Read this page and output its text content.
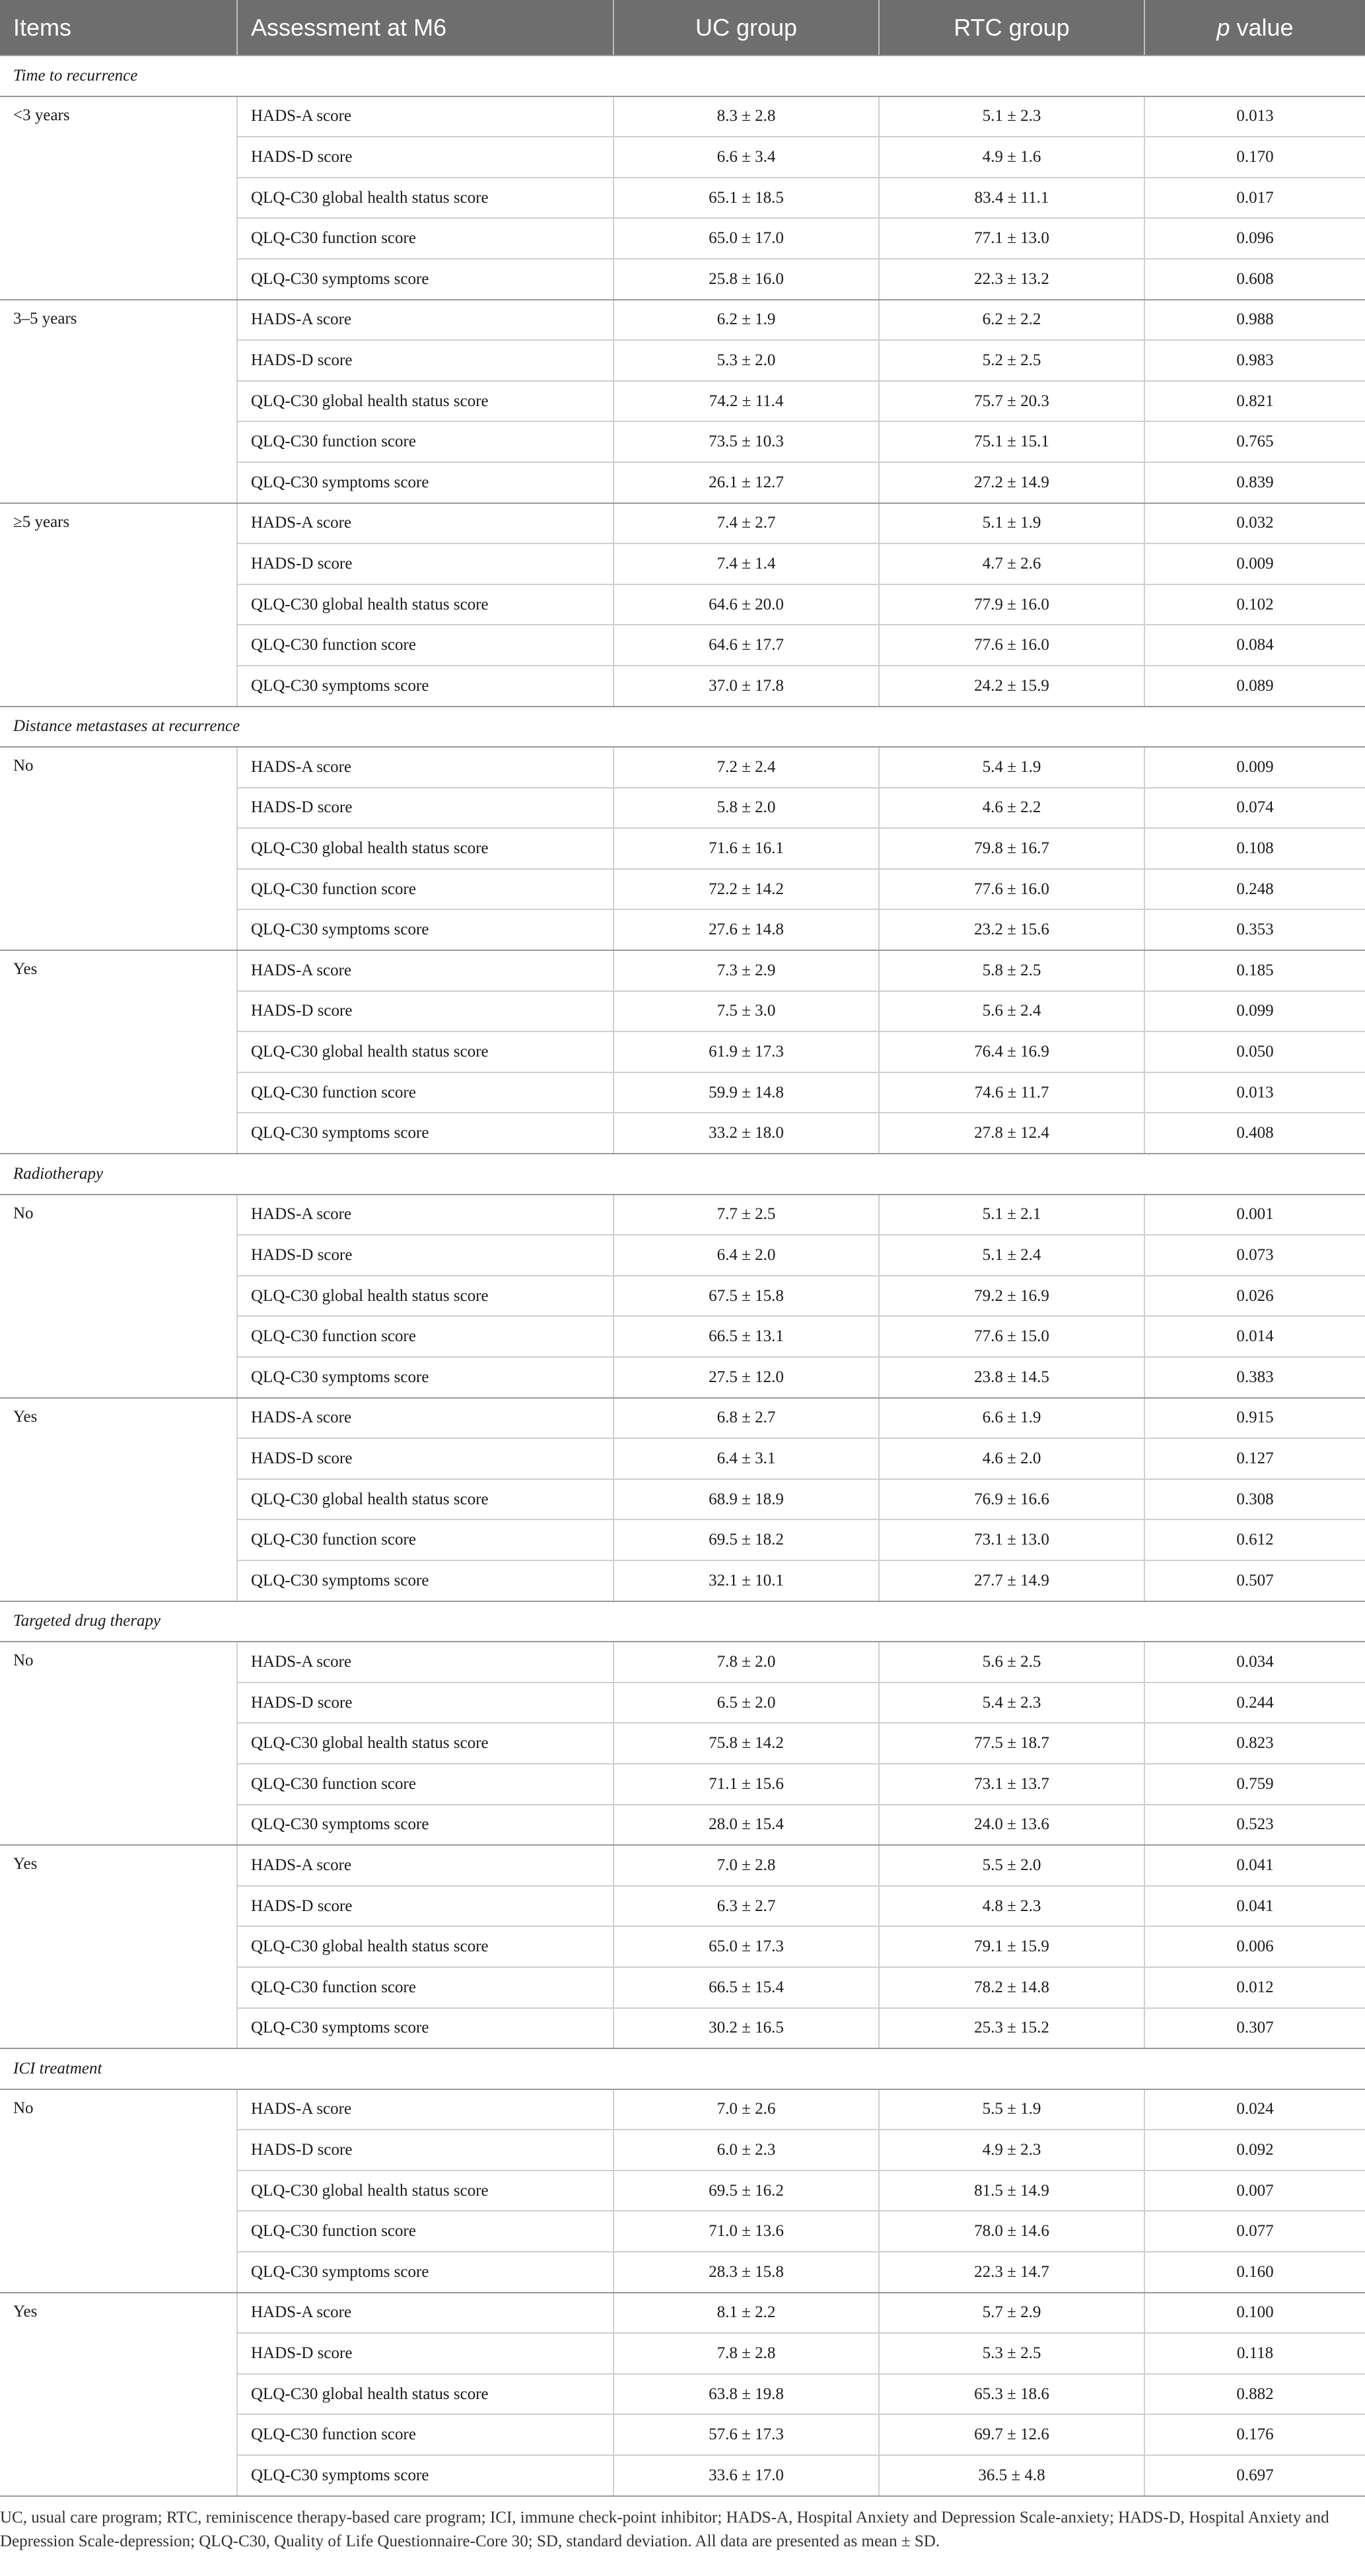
Items	Assessment at M6	UC group	RTC group	p value
Time to recurrence				
<3 years	HADS-A score	8.3 ± 2.8	5.1 ± 2.3	0.013
	HADS-D score	6.6 ± 3.4	4.9 ± 1.6	0.170
	QLQ-C30 global health status score	65.1 ± 18.5	83.4 ± 11.1	0.017
	QLQ-C30 function score	65.0 ± 17.0	77.1 ± 13.0	0.096
	QLQ-C30 symptoms score	25.8 ± 16.0	22.3 ± 13.2	0.608
3–5 years	HADS-A score	6.2 ± 1.9	6.2 ± 2.2	0.988
	HADS-D score	5.3 ± 2.0	5.2 ± 2.5	0.983
	QLQ-C30 global health status score	74.2 ± 11.4	75.7 ± 20.3	0.821
	QLQ-C30 function score	73.5 ± 10.3	75.1 ± 15.1	0.765
	QLQ-C30 symptoms score	26.1 ± 12.7	27.2 ± 14.9	0.839
≥5 years	HADS-A score	7.4 ± 2.7	5.1 ± 1.9	0.032
	HADS-D score	7.4 ± 1.4	4.7 ± 2.6	0.009
	QLQ-C30 global health status score	64.6 ± 20.0	77.9 ± 16.0	0.102
	QLQ-C30 function score	64.6 ± 17.7	77.6 ± 16.0	0.084
	QLQ-C30 symptoms score	37.0 ± 17.8	24.2 ± 15.9	0.089
Distance metastases at recurrence				
No	HADS-A score	7.2 ± 2.4	5.4 ± 1.9	0.009
	HADS-D score	5.8 ± 2.0	4.6 ± 2.2	0.074
	QLQ-C30 global health status score	71.6 ± 16.1	79.8 ± 16.7	0.108
	QLQ-C30 function score	72.2 ± 14.2	77.6 ± 16.0	0.248
	QLQ-C30 symptoms score	27.6 ± 14.8	23.2 ± 15.6	0.353
Yes	HADS-A score	7.3 ± 2.9	5.8 ± 2.5	0.185
	HADS-D score	7.5 ± 3.0	5.6 ± 2.4	0.099
	QLQ-C30 global health status score	61.9 ± 17.3	76.4 ± 16.9	0.050
	QLQ-C30 function score	59.9 ± 14.8	74.6 ± 11.7	0.013
	QLQ-C30 symptoms score	33.2 ± 18.0	27.8 ± 12.4	0.408
Radiotherapy				
No	HADS-A score	7.7 ± 2.5	5.1 ± 2.1	0.001
	HADS-D score	6.4 ± 2.0	5.1 ± 2.4	0.073
	QLQ-C30 global health status score	67.5 ± 15.8	79.2 ± 16.9	0.026
	QLQ-C30 function score	66.5 ± 13.1	77.6 ± 15.0	0.014
	QLQ-C30 symptoms score	27.5 ± 12.0	23.8 ± 14.5	0.383
Yes	HADS-A score	6.8 ± 2.7	6.6 ± 1.9	0.915
	HADS-D score	6.4 ± 3.1	4.6 ± 2.0	0.127
	QLQ-C30 global health status score	68.9 ± 18.9	76.9 ± 16.6	0.308
	QLQ-C30 function score	69.5 ± 18.2	73.1 ± 13.0	0.612
	QLQ-C30 symptoms score	32.1 ± 10.1	27.7 ± 14.9	0.507
Targeted drug therapy				
No	HADS-A score	7.8 ± 2.0	5.6 ± 2.5	0.034
	HADS-D score	6.5 ± 2.0	5.4 ± 2.3	0.244
	QLQ-C30 global health status score	75.8 ± 14.2	77.5 ± 18.7	0.823
	QLQ-C30 function score	71.1 ± 15.6	73.1 ± 13.7	0.759
	QLQ-C30 symptoms score	28.0 ± 15.4	24.0 ± 13.6	0.523
Yes	HADS-A score	7.0 ± 2.8	5.5 ± 2.0	0.041
	HADS-D score	6.3 ± 2.7	4.8 ± 2.3	0.041
	QLQ-C30 global health status score	65.0 ± 17.3	79.1 ± 15.9	0.006
	QLQ-C30 function score	66.5 ± 15.4	78.2 ± 14.8	0.012
	QLQ-C30 symptoms score	30.2 ± 16.5	25.3 ± 15.2	0.307
ICI treatment				
No	HADS-A score	7.0 ± 2.6	5.5 ± 1.9	0.024
	HADS-D score	6.0 ± 2.3	4.9 ± 2.3	0.092
	QLQ-C30 global health status score	69.5 ± 16.2	81.5 ± 14.9	0.007
	QLQ-C30 function score	71.0 ± 13.6	78.0 ± 14.6	0.077
	QLQ-C30 symptoms score	28.3 ± 15.8	22.3 ± 14.7	0.160
Yes	HADS-A score	8.1 ± 2.2	5.7 ± 2.9	0.100
	HADS-D score	7.8 ± 2.8	5.3 ± 2.5	0.118
	QLQ-C30 global health status score	63.8 ± 19.8	65.3 ± 18.6	0.882
	QLQ-C30 function score	57.6 ± 17.3	69.7 ± 12.6	0.176
	QLQ-C30 symptoms score	33.6 ± 17.0	36.5 ± 4.8	0.697
UC, usual care program; RTC, reminiscence therapy-based care program; ICI, immune check-point inhibitor; HADS-A, Hospital Anxiety and Depression Scale-anxiety; HADS-D, Hospital Anxiety and Depression Scale-depression; QLQ-C30, Quality of Life Questionnaire-Core 30; SD, standard deviation. All data are presented as mean ± SD.
